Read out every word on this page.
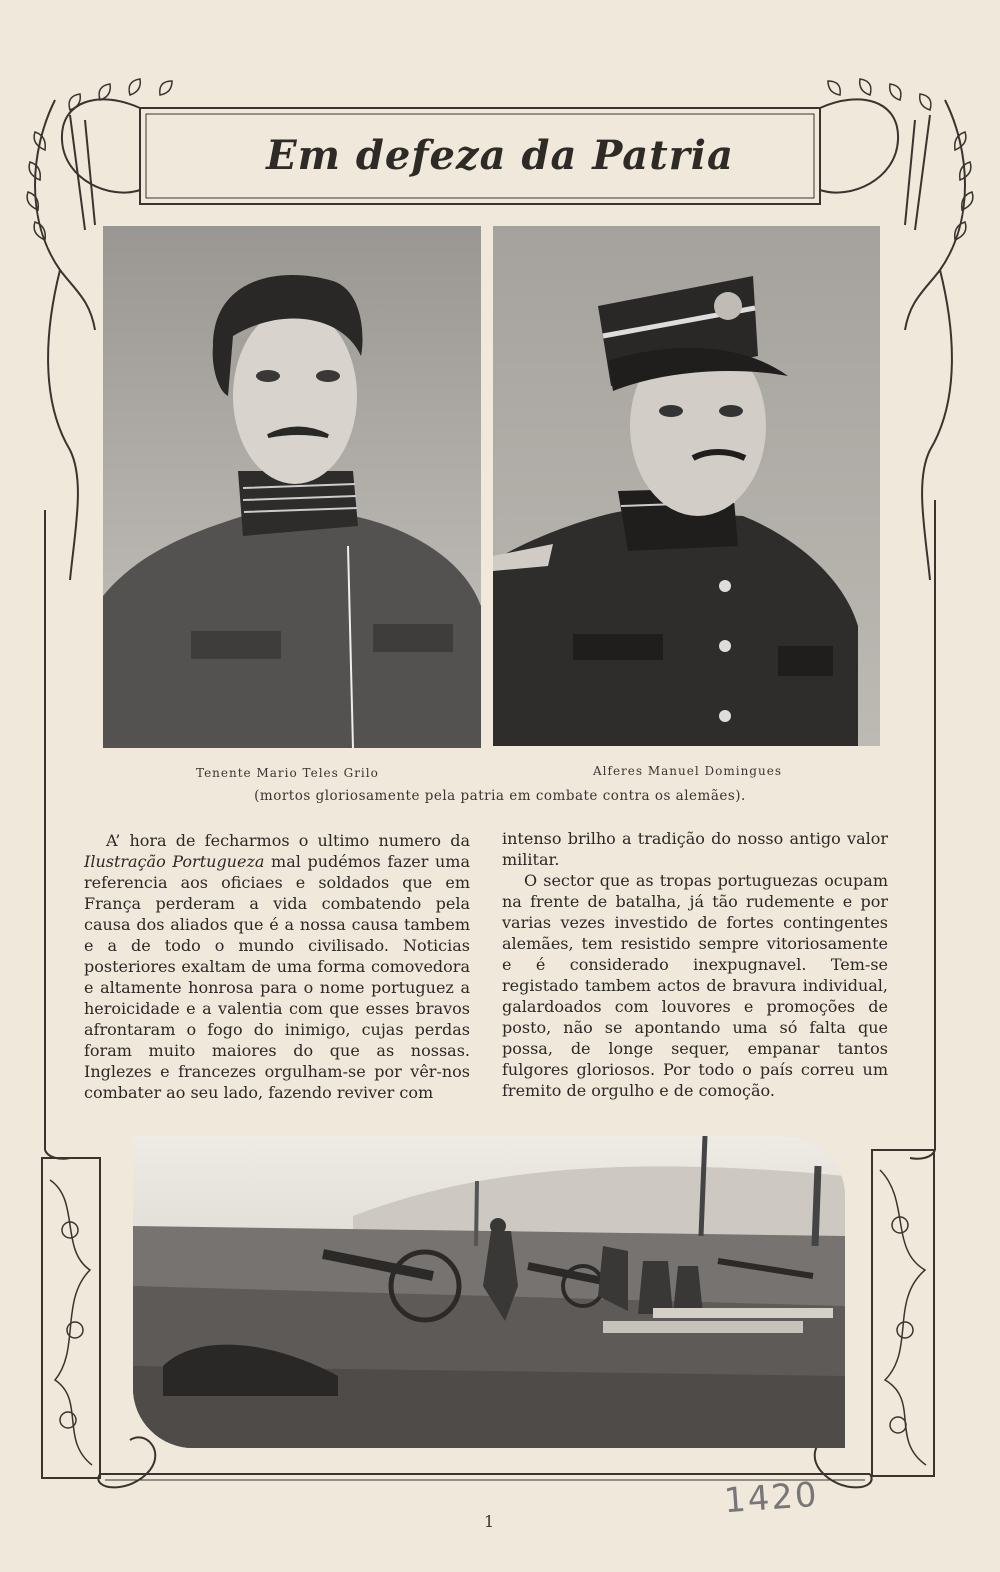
Em defeza da Patria
Tenente Mario Teles Grilo	Alferes Manuel Domingues
(mortos gloriosamente pela patria em combate contra os alemães).

A’ hora de fecharmos o ultimo numero da Ilustração Portugueza mal pudémos fazer uma referencia aos oficiaes e soldados que em França perderam a vida combatendo pela causa dos aliados que é a nossa causa tambem e a de todo o mundo civilisado. Noticias posteriores exaltam de uma forma comovedora e altamente honrosa para o nome portuguez a heroicidade e a valentia com que esses bravos afrontaram o fogo do inimigo, cujas perdas foram muito maiores do que as nossas. Inglezes e francezes orgulham-se por vêr-nos combater ao seu lado, fazendo reviver com

intenso brilho a tradição do nosso antigo valor militar.

O sector que as tropas portuguezas ocupam na frente de batalha, já tão rudemente e por varias vezes investido de fortes contingentes alemães, tem resistido sempre vitoriosamente e é considerado inexpugnavel. Tem-se registado tambem actos de bravura individual, galardoados com louvores e promoções de posto, não se apontando uma só falta que possa, de longe sequer, empanar tantos fulgores gloriosos. Por todo o país correu um fremito de orgulho e de comoção.

1
1420
